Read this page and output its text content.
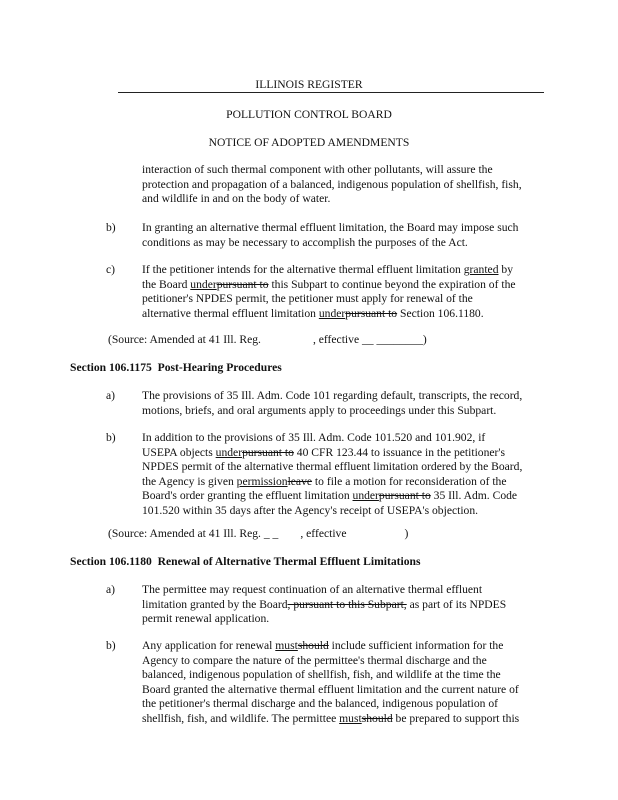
ILLINOIS REGISTER
POLLUTION CONTROL BOARD
NOTICE OF ADOPTED AMENDMENTS
interaction of such thermal component with other pollutants, will assure the
protection and propagation of a balanced, indigenous population of shellfish, fish,
and wildlife in and on the body of water.
b)	In granting an alternative thermal effluent limitation, the Board may impose such
conditions as may be necessary to accomplish the purposes of the Act.
c)	If the petitioner intends for the alternative thermal effluent limitation granted by
the Board underpursuant to this Subpart to continue beyond the expiration of the
petitioner's NPDES permit, the petitioner must apply for renewal of the
alternative thermal effluent limitation underpursuant to Section 106.1180.
(Source: Amended at 41 Ill. Reg.	, effective __ ________)
Section 106.1175 Post-Hearing Procedures
a)	The provisions of 35 Ill. Adm. Code 101 regarding default, transcripts, the record,
motions, briefs, and oral arguments apply to proceedings under this Subpart.
b)	In addition to the provisions of 35 Ill. Adm. Code 101.520 and 101.902, if
USEPA objects underpursuant to 40 CFR 123.44 to issuance in the petitioner's
NPDES permit of the alternative thermal effluent limitation ordered by the Board,
the Agency is given permissionleave to file a motion for reconsideration of the
Board's order granting the effluent limitation underpursuant to 35 Ill. Adm. Code
101.520 within 35 days after the Agency's receipt of USEPA's objection.
(Source: Amended at 41 Ill. Reg. _ _ , effective	)
Section 106.1180 Renewal of Alternative Thermal Effluent Limitations
a)	The permittee may request continuation of an alternative thermal effluent
limitation granted by the Board, pursuant to this Subpart, as part of its NPDES
permit renewal application.
b)	Any application for renewal mustshould include sufficient information for the
Agency to compare the nature of the permittee's thermal discharge and the
balanced, indigenous population of shellfish, fish, and wildlife at the time the
Board granted the alternative thermal effluent limitation and the current nature of
the petitioner's thermal discharge and the balanced, indigenous population of
shellfish, fish, and wildlife. The permittee mustshould be prepared to support this
